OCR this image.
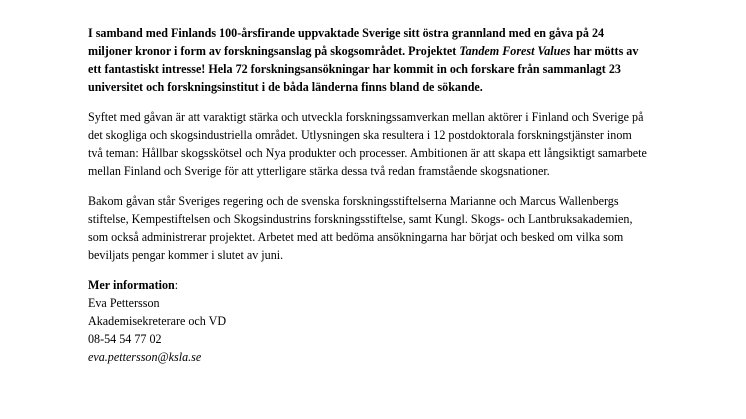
I samband med Finlands 100-årsfirande uppvaktade Sverige sitt östra grannland med en gåva på 24 miljoner kronor i form av forskningsanslag på skogsområdet. Projektet Tandem Forest Values har mötts av ett fantastiskt intresse! Hela 72 forskningsansökningar har kommit in och forskare från sammanlagt 23 universitet och forskningsinstitut i de båda länderna finns bland de sökande.

Syftet med gåvan är att varaktigt stärka och utveckla forskningssamverkan mellan aktörer i Finland och Sverige på det skogliga och skogsindustriella området. Utlysningen ska resultera i 12 postdoktorala forskningstjänster inom två teman: Hållbar skogsskötsel och Nya produkter och processer. Ambitionen är att skapa ett långsiktigt samarbete mellan Finland och Sverige för att ytterligare stärka dessa två redan framstående skogsnationer.

Bakom gåvan står Sveriges regering och de svenska forskningsstiftelserna Marianne och Marcus Wallenbergs stiftelse, Kempestiftelsen och Skogsindustrins forskningsstiftelse, samt Kungl. Skogs- och Lantbruksakademien, som också administrerar projektet. Arbetet med att bedöma ansökningarna har börjat och besked om vilka som beviljats pengar kommer i slutet av juni.

Mer information:
Eva Pettersson
Akademisekreterare och VD
08-54 54 77 02
eva.pettersson@ksla.se
